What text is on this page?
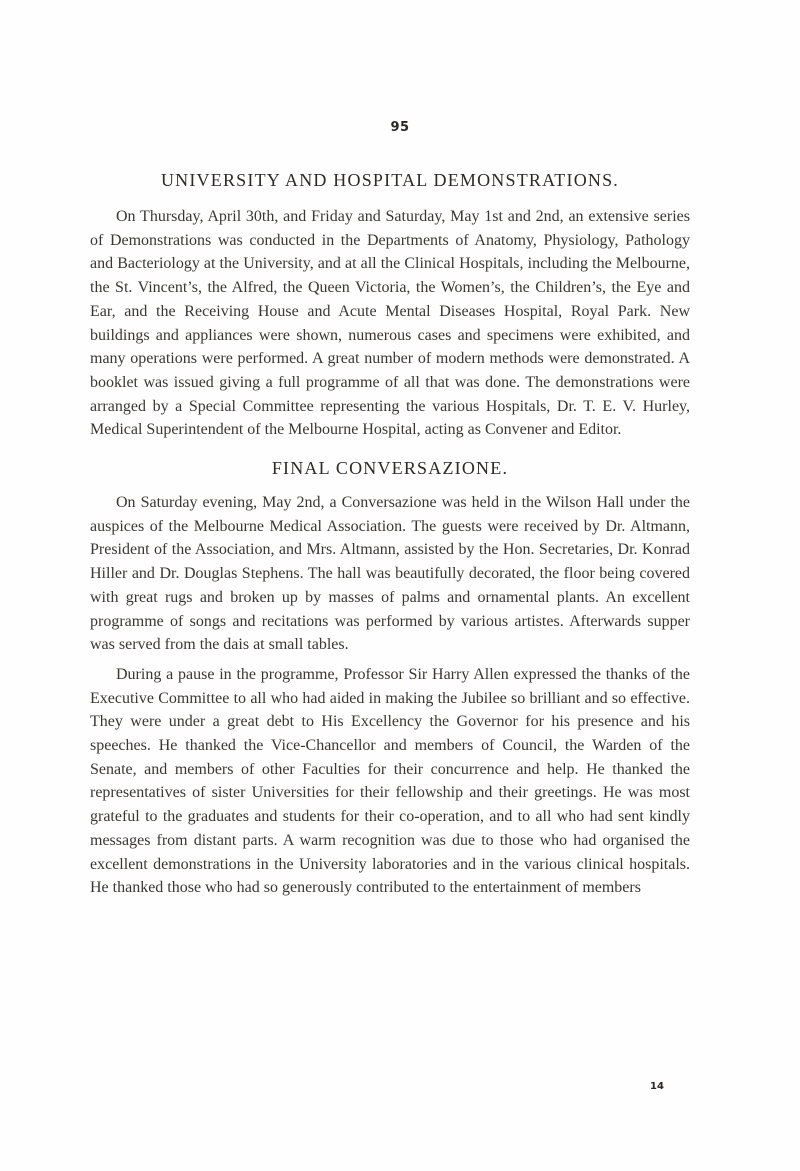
95
UNIVERSITY AND HOSPITAL DEMONSTRATIONS.

On Thursday, April 30th, and Friday and Saturday, May 1st and 2nd, an extensive series of Demonstrations was conducted in the Departments of Anatomy, Physiology, Pathology and Bacteriology at the University, and at all the Clinical Hospitals, including the Melbourne, the St. Vincent’s, the Alfred, the Queen Victoria, the Women’s, the Children’s, the Eye and Ear, and the Receiving House and Acute Mental Diseases Hospital, Royal Park. New buildings and appliances were shown, numerous cases and specimens were exhibited, and many operations were performed. A great number of modern methods were demonstrated. A booklet was issued giving a full programme of all that was done. The demonstrations were arranged by a Special Committee representing the various Hospitals, Dr. T. E. V. Hurley, Medical Superintendent of the Melbourne Hospital, acting as Convener and Editor.

FINAL CONVERSAZIONE.

On Saturday evening, May 2nd, a Conversazione was held in the Wilson Hall under the auspices of the Melbourne Medical Association. The guests were received by Dr. Altmann, President of the Association, and Mrs. Altmann, assisted by the Hon. Secretaries, Dr. Konrad Hiller and Dr. Douglas Stephens. The hall was beautifully decorated, the floor being covered with great rugs and broken up by masses of palms and ornamental plants. An excellent programme of songs and recitations was performed by various artistes. Afterwards supper was served from the dais at small tables.

During a pause in the programme, Professor Sir Harry Allen expressed the thanks of the Executive Committee to all who had aided in making the Jubilee so brilliant and so effective. They were under a great debt to His Excellency the Governor for his presence and his speeches. He thanked the Vice-Chancellor and members of Council, the Warden of the Senate, and members of other Faculties for their concurrence and help. He thanked the representatives of sister Universities for their fellowship and their greetings. He was most grateful to the graduates and students for their co-operation, and to all who had sent kindly messages from distant parts. A warm recognition was due to those who had organised the excellent demonstrations in the University laboratories and in the various clinical hospitals. He thanked those who had so generously contributed to the entertainment of members

14
